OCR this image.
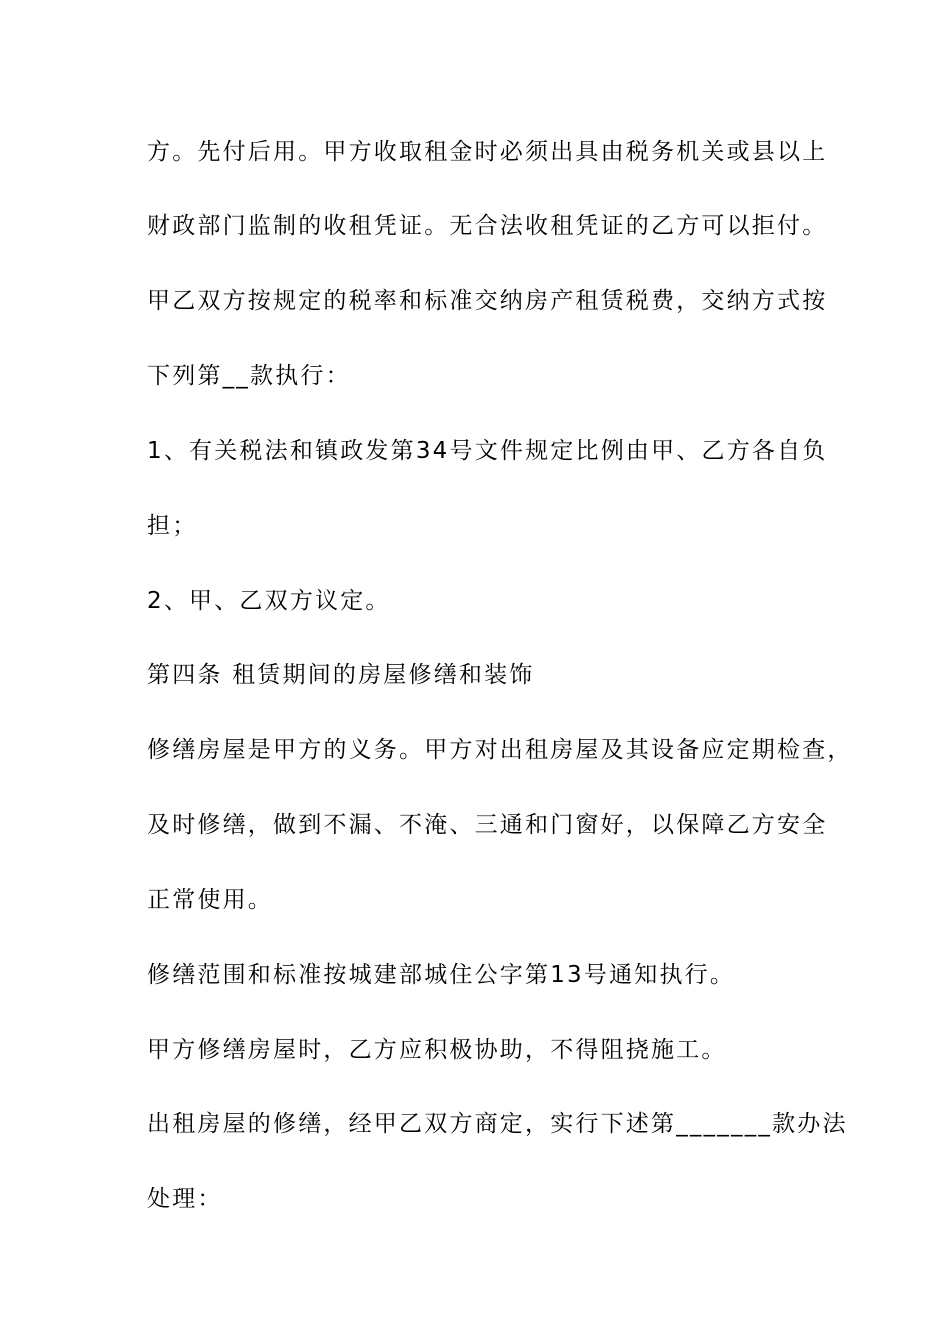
方。先付后用。甲方收取租金时必须出具由税务机关或县以上
财政部门监制的收租凭证。无合法收租凭证的乙方可以拒付。
甲乙双方按规定的税率和标准交纳房产租赁税费，交纳方式按
下列第__款执行：
1、有关税法和镇政发第34号文件规定比例由甲、乙方各自负
担；
2、甲、乙双方议定。
第四条 租赁期间的房屋修缮和装饰
修缮房屋是甲方的义务。甲方对出租房屋及其设备应定期检查，
及时修缮，做到不漏、不淹、三通和门窗好，以保障乙方安全
正常使用。
修缮范围和标准按城建部城住公字第13号通知执行。
甲方修缮房屋时，乙方应积极协助，不得阻挠施工。
出租房屋的修缮，经甲乙双方商定，实行下述第_______款办法
处理：
